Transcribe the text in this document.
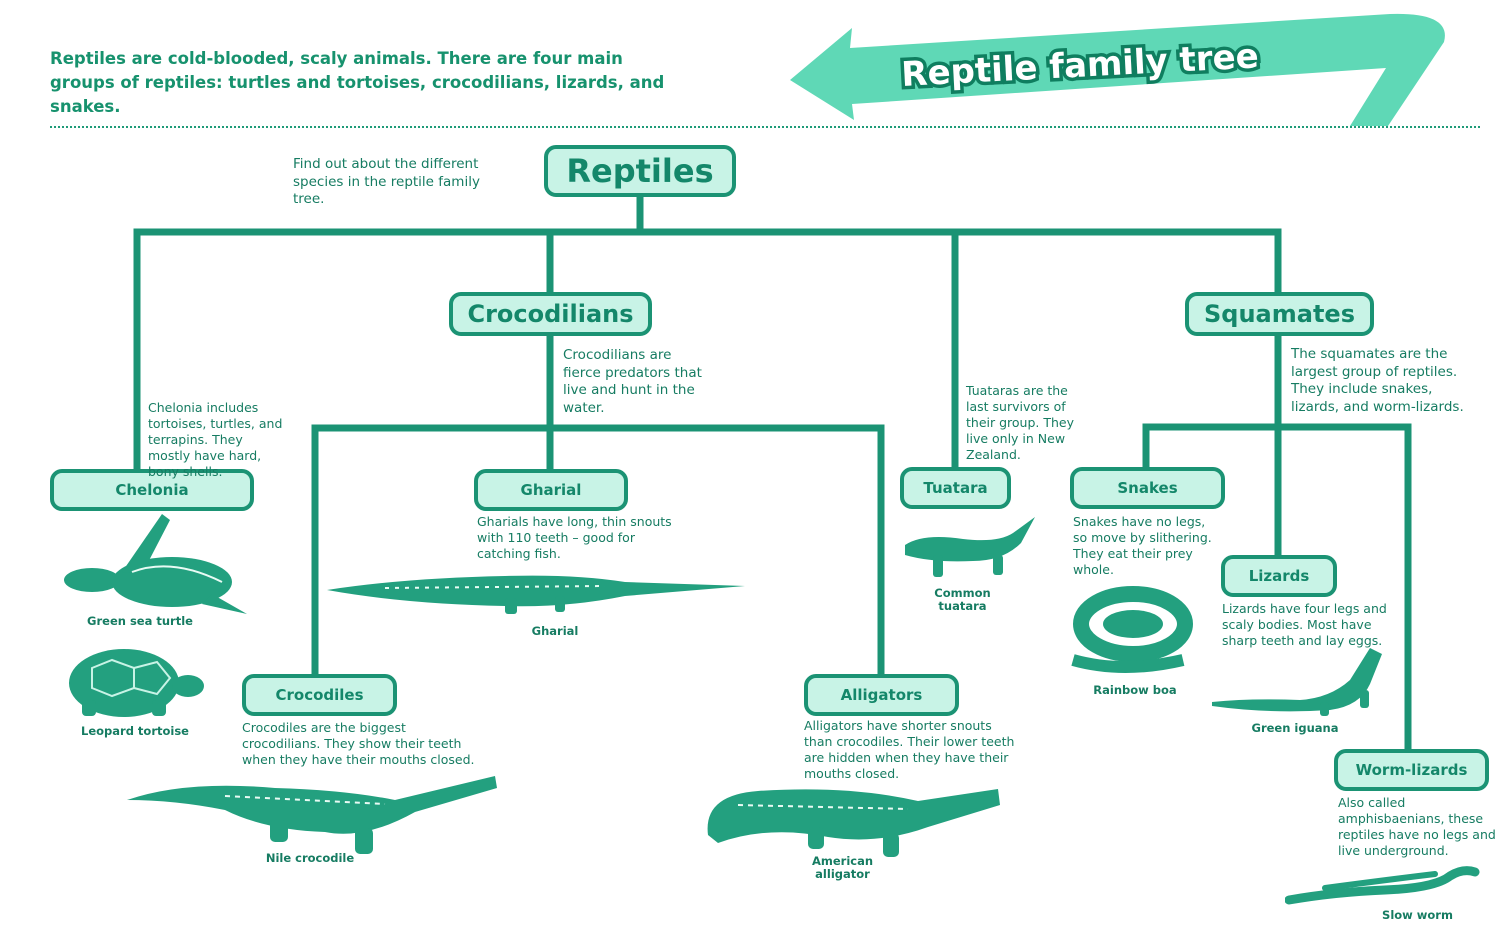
Reptiles are cold-blooded, scaly animals. There are four main groups of reptiles: turtles and tortoises, crocodilians, lizards, and snakes.
Reptile family tree
Find out about the different species in the reptile family tree.
Reptiles
Crocodilians	Squamates
Chelonia	Tuatara
Gharial	Snakes
Lizards
Crocodiles	Alligators
Worm-lizards
Chelonia includes tortoises, turtles, and terrapins. They mostly have hard, bony shells.
Crocodilians are fierce predators that live and hunt in the water.
Tuataras are the last survivors of their group. They live only in New Zealand.
The squamates are the largest group of reptiles. They include snakes, lizards, and worm-lizards.
Gharials have long, thin snouts with 110 teeth – good for catching fish.
Snakes have no legs, so move by slithering. They eat their prey whole.
Lizards have four legs and scaly bodies. Most have sharp teeth and lay eggs.
Crocodiles are the biggest crocodilians. They show their teeth when they have their mouths closed.
Alligators have shorter snouts than crocodiles. Their lower teeth are hidden when they have their mouths closed.
Also called amphisbaenians, these reptiles have no legs and live underground.
Green sea turtle
Leopard tortoise
Gharial
Nile crocodile	American alligator
Common tuatara
Rainbow boa
Green iguana
Slow worm
